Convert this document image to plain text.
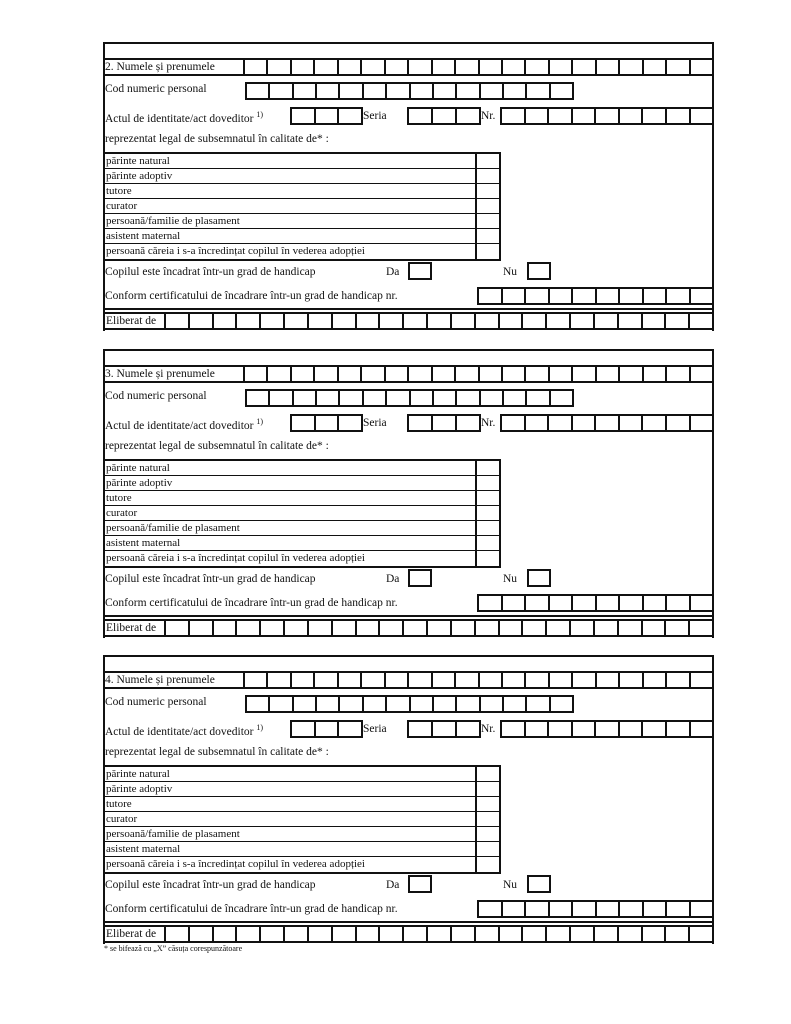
2. Numele și prenumele
Cod numeric personal
Actul de identitate/act doveditor $^{1)}$	Seria	Nr.
reprezentat legal de subsemnatul în calitate de* :
Copilul este încadrat într-un grad de handicap	Da	Nu
Conform certificatului de încadrare într-un grad de handicap nr.
părinte natural
părinte adoptiv
tutore
curator
persoană/familie de plasament
asistent maternal
persoană căreia i s-a încredințat copilul în vederea adopției
Eliberat de
3. Numele și prenumele
Cod numeric personal
Actul de identitate/act doveditor $^{1)}$	Seria	Nr.
reprezentat legal de subsemnatul în calitate de* :
Copilul este încadrat într-un grad de handicap	Da	Nu
Conform certificatului de încadrare într-un grad de handicap nr.
părinte natural
părinte adoptiv
tutore
curator
persoană/familie de plasament
asistent maternal
persoană căreia i s-a încredințat copilul în vederea adopției
Eliberat de
4. Numele și prenumele
Cod numeric personal
Actul de identitate/act doveditor $^{1)}$	Seria	Nr.
reprezentat legal de subsemnatul în calitate de* :
Copilul este încadrat într-un grad de handicap	Da	Nu
Conform certificatului de încadrare într-un grad de handicap nr.
părinte natural
părinte adoptiv
tutore
curator
persoană/familie de plasament
asistent maternal
persoană căreia i s-a încredințat copilul în vederea adopției
Eliberat de
* se bifează cu „X” căsuța corespunzătoare
